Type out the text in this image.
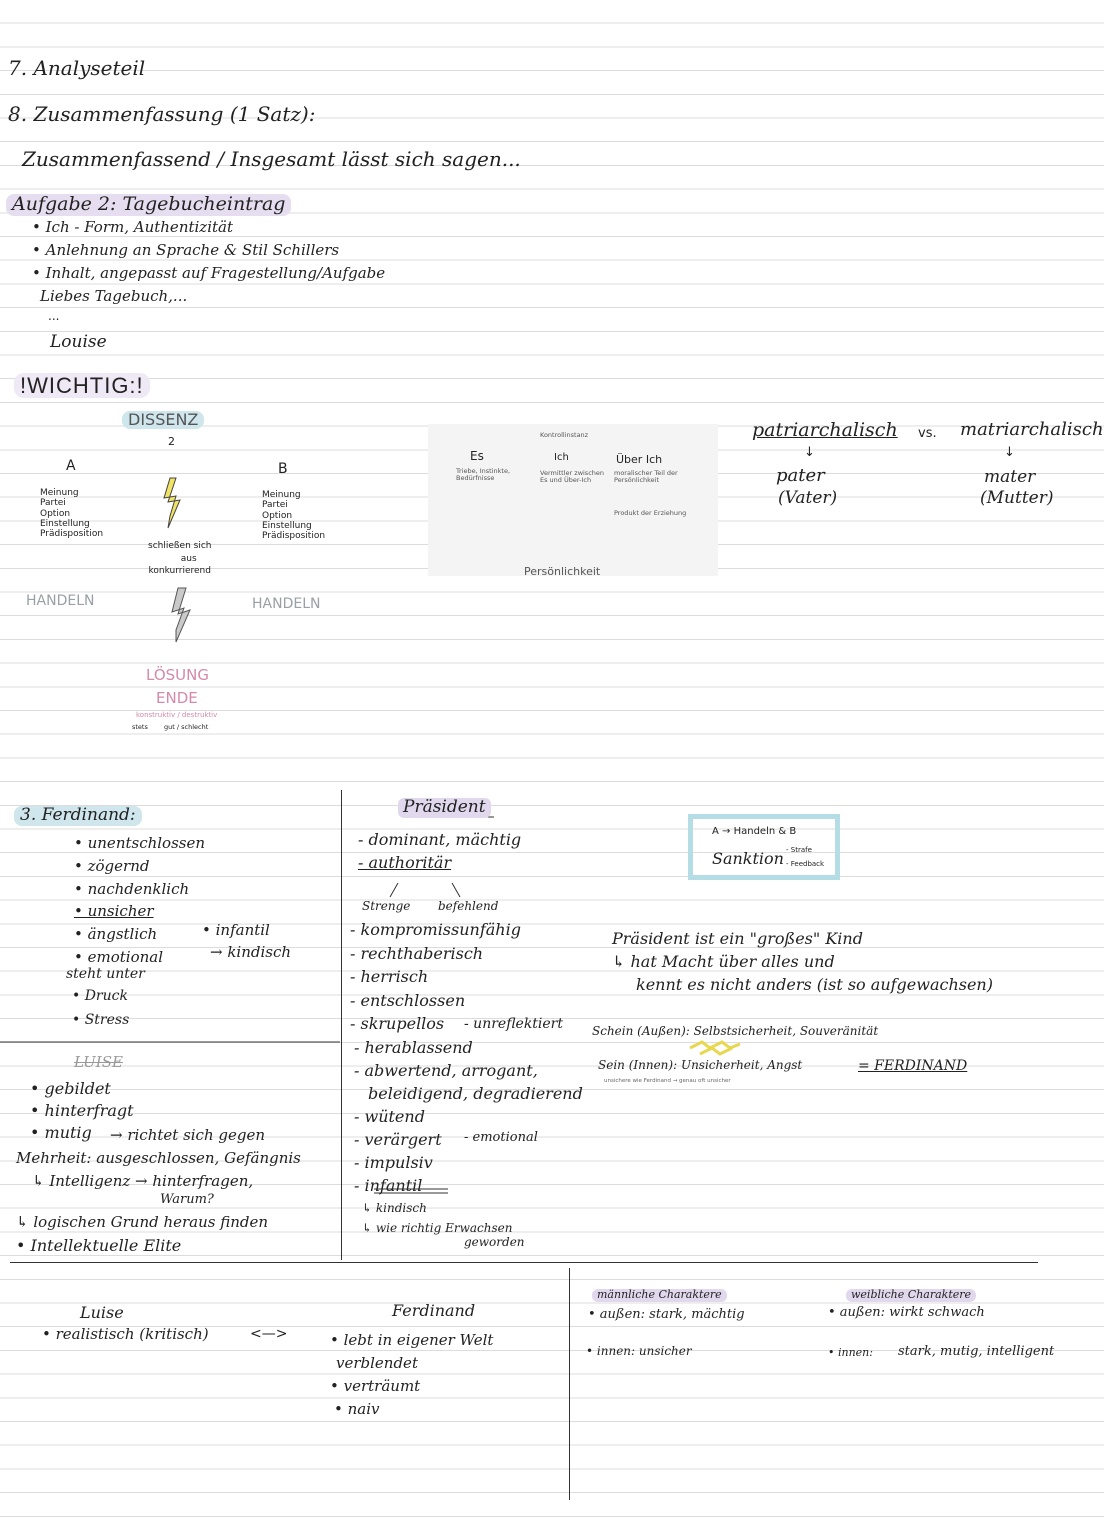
7. Analyseteil
8. Zusammenfassung (1 Satz):
Zusammenfassend / Insgesamt lässt sich sagen...
Aufgabe 2: Tagebucheintrag
• Ich - Form, Authentizität
• Anlehnung an Sprache & Stil Schillers
• Inhalt, angepasst auf Fragestellung/Aufgabe
Liebes Tagebuch,...
...
Louise
!WICHTIG:!
DISSENZ
2
A	B
Meinung
Partei
Option
Einstellung
Prädisposition
Meinung
Partei
Option
Einstellung
Prädisposition
schließen sich
aus
konkurrierend
HANDELN	HANDELN
LÖSUNG
ENDE
konstruktiv / destruktiv
stets gut / schlecht
Kontrollinstanz
Es	Ich	Über Ich
Triebe, Instinkte, Bedürfnisse
Vermittler zwischen Es und Über-Ich
moralischer Teil der Persönlichkeit
Produkt der Erziehung
Persönlichkeit
patriarchalisch vs. matriarchalisch
↓	↓
pater
(Vater)
mater
(Mutter)
3. Ferdinand:
• unentschlossen
• zögernd
• nachdenklich
• unsicher
• ängstlich
• emotional
steht unter
• Druck
• Stress
• infantil
→ kindisch
LUISE
• gebildet
• hinterfragt
• mutig	→ richtet sich gegen
Mehrheit: ausgeschlossen, Gefängnis
↳ Intelligenz → hinterfragen,
Warum?
↳ logischen Grund heraus finden
• Intellektuelle Elite
Präsident
- dominant, mächtig
- authoritär
Strenge befehlend
- kompromissunfähig
- rechthaberisch
- herrisch
- entschlossen
- skrupellos	- unreflektiert
- herablassend
- abwertend, arrogant,
beleidigend, degradierend
- wütend
- verärgert
- impulsiv
- infantil
- emotional
↳ kindisch
↳ wie richtig Erwachsen
geworden
A → Handeln & B
Sanktion - Strafe
- Feedback
Präsident ist ein "großes" Kind
↳ hat Macht über alles und
kennt es nicht anders (ist so aufgewachsen)
Schein (Außen): Selbstsicherheit, Souveränität
Sein (Innen): Unsicherheit, Angst
unsichere wie Ferdinand → genau oft unsicher
= FERDINAND
Luise
• realistisch (kritisch)	<—>
Ferdinand
• lebt in eigener Welt
verblendet
• verträumt
• naiv
männliche Charaktere
• außen: stark, mächtig
• innen: unsicher
weibliche Charaktere
• außen: wirkt schwach
• innen: stark, mutig, intelligent
